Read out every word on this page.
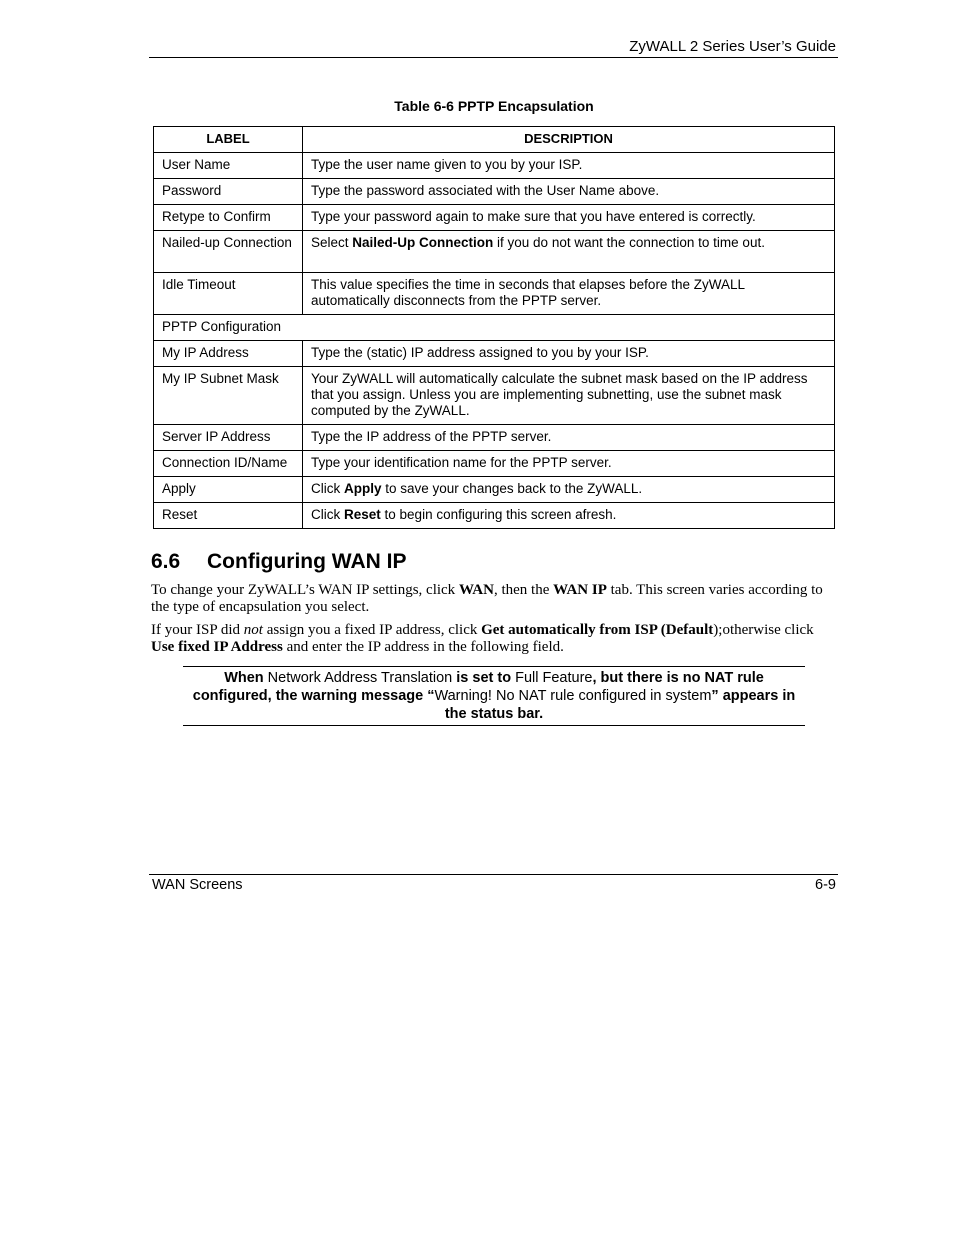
ZyWALL 2 Series User’s Guide
Table 6-6 PPTP Encapsulation
LABEL	DESCRIPTION
User Name	Type the user name given to you by your ISP.
Password	Type the password associated with the User Name above.
Retype to Confirm	Type your password again to make sure that you have entered is correctly.
Nailed-up Connection	Select Nailed-Up Connection if you do not want the connection to time out.
Idle Timeout	This value specifies the time in seconds that elapses before the ZyWALL automatically disconnects from the PPTP server.
PPTP Configuration	
My IP Address	Type the (static) IP address assigned to you by your ISP.
My IP Subnet Mask	Your ZyWALL will automatically calculate the subnet mask based on the IP address that you assign. Unless you are implementing subnetting, use the subnet mask computed by the ZyWALL.
Server IP Address	Type the IP address of the PPTP server.
Connection ID/Name	Type your identification name for the PPTP server.
Apply	Click Apply to save your changes back to the ZyWALL.
Reset	Click Reset to begin configuring this screen afresh.
6.6 Configuring WAN IP

To change your ZyWALL’s WAN IP settings, click WAN, then the WAN IP tab. This screen varies according to the type of encapsulation you select.

If your ISP did not assign you a fixed IP address, click Get automatically from ISP (Default);otherwise click Use fixed IP Address and enter the IP address in the following field.

When Network Address Translation is set to Full Feature, but there is no NAT rule configured, the warning message “Warning! No NAT rule configured in system” appears in the status bar.
WAN Screens	6-9
